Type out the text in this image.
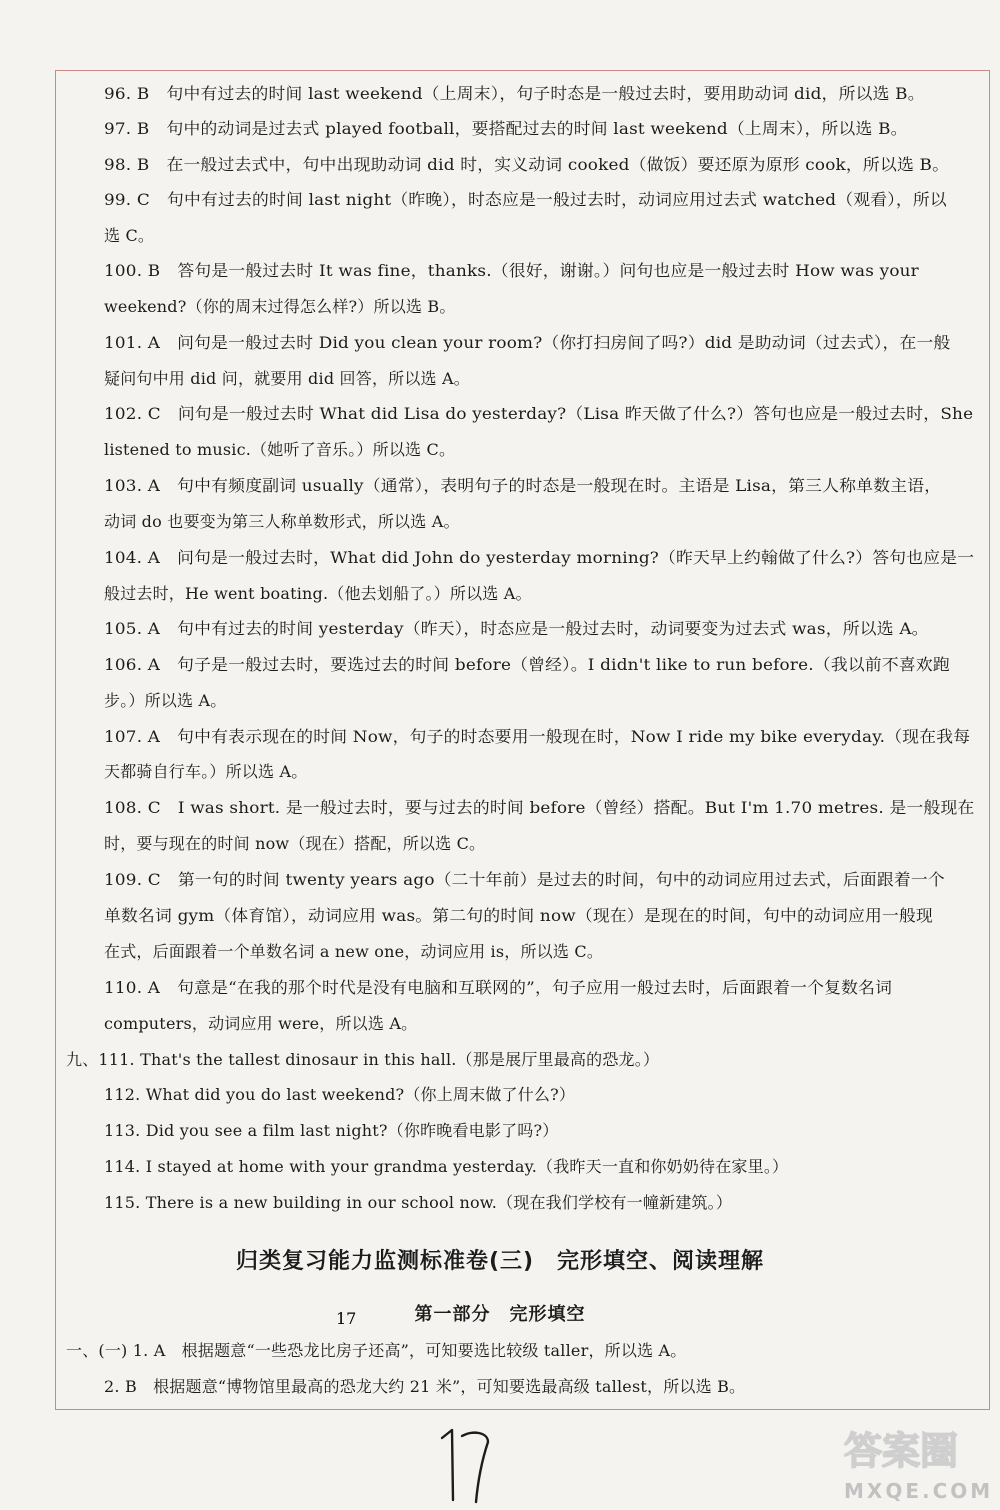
96. B　句中有过去的时间 last weekend（上周末），句子时态是一般过去时，要用助动词 did，所以选 B。
97. B　句中的动词是过去式 played football，要搭配过去的时间 last weekend（上周末），所以选 B。
98. B　在一般过去式中，句中出现助动词 did 时，实义动词 cooked（做饭）要还原为原形 cook，所以选 B。
99. C　句中有过去的时间 last night（昨晚），时态应是一般过去时，动词应用过去式 watched（观看），所以
选 C。
100. B　答句是一般过去时 It was fine，thanks.（很好，谢谢。）问句也应是一般过去时 How was your
weekend?（你的周末过得怎么样?）所以选 B。
101. A　问句是一般过去时 Did you clean your room?（你打扫房间了吗?）did 是助动词（过去式），在一般
疑问句中用 did 问，就要用 did 回答，所以选 A。
102. C　问句是一般过去时 What did Lisa do yesterday?（Lisa 昨天做了什么?）答句也应是一般过去时，She
listened to music.（她听了音乐。）所以选 C。
103. A　句中有频度副词 usually（通常），表明句子的时态是一般现在时。主语是 Lisa，第三人称单数主语，
动词 do 也要变为第三人称单数形式，所以选 A。
104. A　问句是一般过去时，What did John do yesterday morning?（昨天早上约翰做了什么?）答句也应是一
般过去时，He went boating.（他去划船了。）所以选 A。
105. A　句中有过去的时间 yesterday（昨天），时态应是一般过去时，动词要变为过去式 was，所以选 A。
106. A　句子是一般过去时，要选过去的时间 before（曾经）。I didn't like to run before.（我以前不喜欢跑
步。）所以选 A。
107. A　句中有表示现在的时间 Now，句子的时态要用一般现在时，Now I ride my bike everyday.（现在我每
天都骑自行车。）所以选 A。
108. C　I was short. 是一般过去时，要与过去的时间 before（曾经）搭配。But I'm 1.70 metres. 是一般现在
时，要与现在的时间 now（现在）搭配，所以选 C。
109. C　第一句的时间 twenty years ago（二十年前）是过去的时间，句中的动词应用过去式，后面跟着一个
单数名词 gym（体育馆），动词应用 was。第二句的时间 now（现在）是现在的时间，句中的动词应用一般现
在式，后面跟着一个单数名词 a new one，动词应用 is，所以选 C。
110. A　句意是“在我的那个时代是没有电脑和互联网的”，句子应用一般过去时，后面跟着一个复数名词
computers，动词应用 were，所以选 A。
九、111. That's the tallest dinosaur in this hall.（那是展厅里最高的恐龙。）
112. What did you do last weekend?（你上周末做了什么?）
113. Did you see a film last night?（你昨晚看电影了吗?）
114. I stayed at home with your grandma yesterday.（我昨天一直和你奶奶待在家里。）
115. There is a new building in our school now.（现在我们学校有一幢新建筑。）
归类复习能力监测标准卷(三)　完形填空、阅读理解
第一部分　完形填空
一、(一) 1. A　根据题意“一些恐龙比房子还高”，可知要选比较级 taller，所以选 A。
2. B　根据题意“博物馆里最高的恐龙大约 21 米”，可知要选最高级 tallest，所以选 B。
17
答案圈
MXQE.COM
